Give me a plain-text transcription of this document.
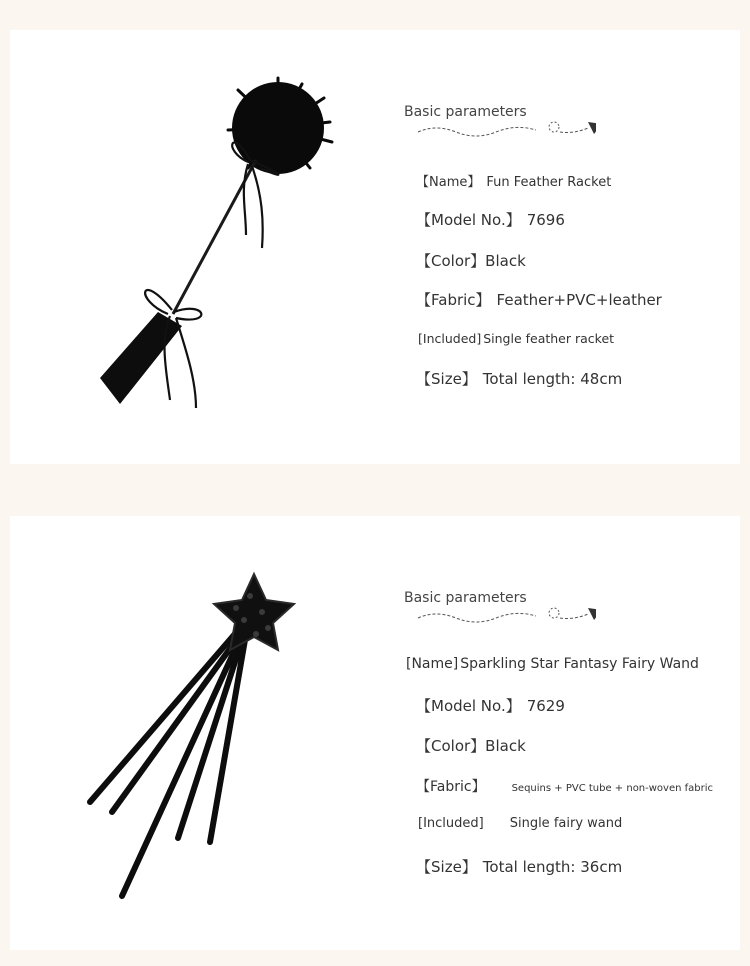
Basic parameters
【Name】 Fun Feather Racket
【Model No.】 7696
【Color】Black
【Fabric】 Feather+PVC+leather
[Included] Single feather racket
【Size】 Total length: 48cm
Basic parameters
[Name] Sparkling Star Fantasy Fairy Wand
【Model No.】 7629
【Color】Black
【Fabric】	Sequins + PVC tube + non-woven fabric
[Included] Single fairy wand
【Size】 Total length: 36cm
